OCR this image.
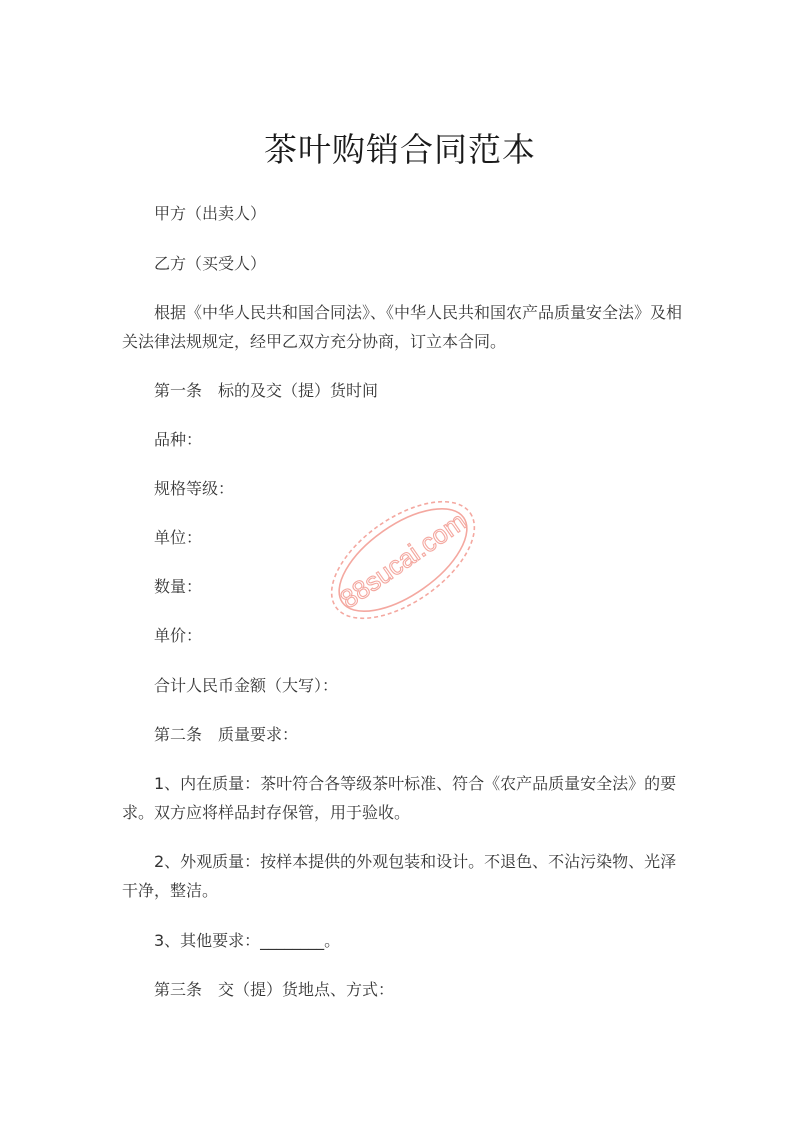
茶叶购销合同范本
甲方（出卖人）
乙方（买受人）
根据《中华人民共和国合同法》、《中华人民共和国农产品质量安全法》及相
关法律法规规定，经甲乙双方充分协商，订立本合同。
第一条　标的及交（提）货时间
品种：
规格等级：
单位：
数量：
单价：
合计人民币金额（大写）：
第二条　质量要求：
1、内在质量：茶叶符合各等级茶叶标准、符合《农产品质量安全法》的要
求。双方应将样品封存保管，用于验收。
2、外观质量：按样本提供的外观包装和设计。不退色、不沾污染物、光泽
干净，整洁。
3、其他要求：________。
第三条　交（提）货地点、方式：
88sucai.com
